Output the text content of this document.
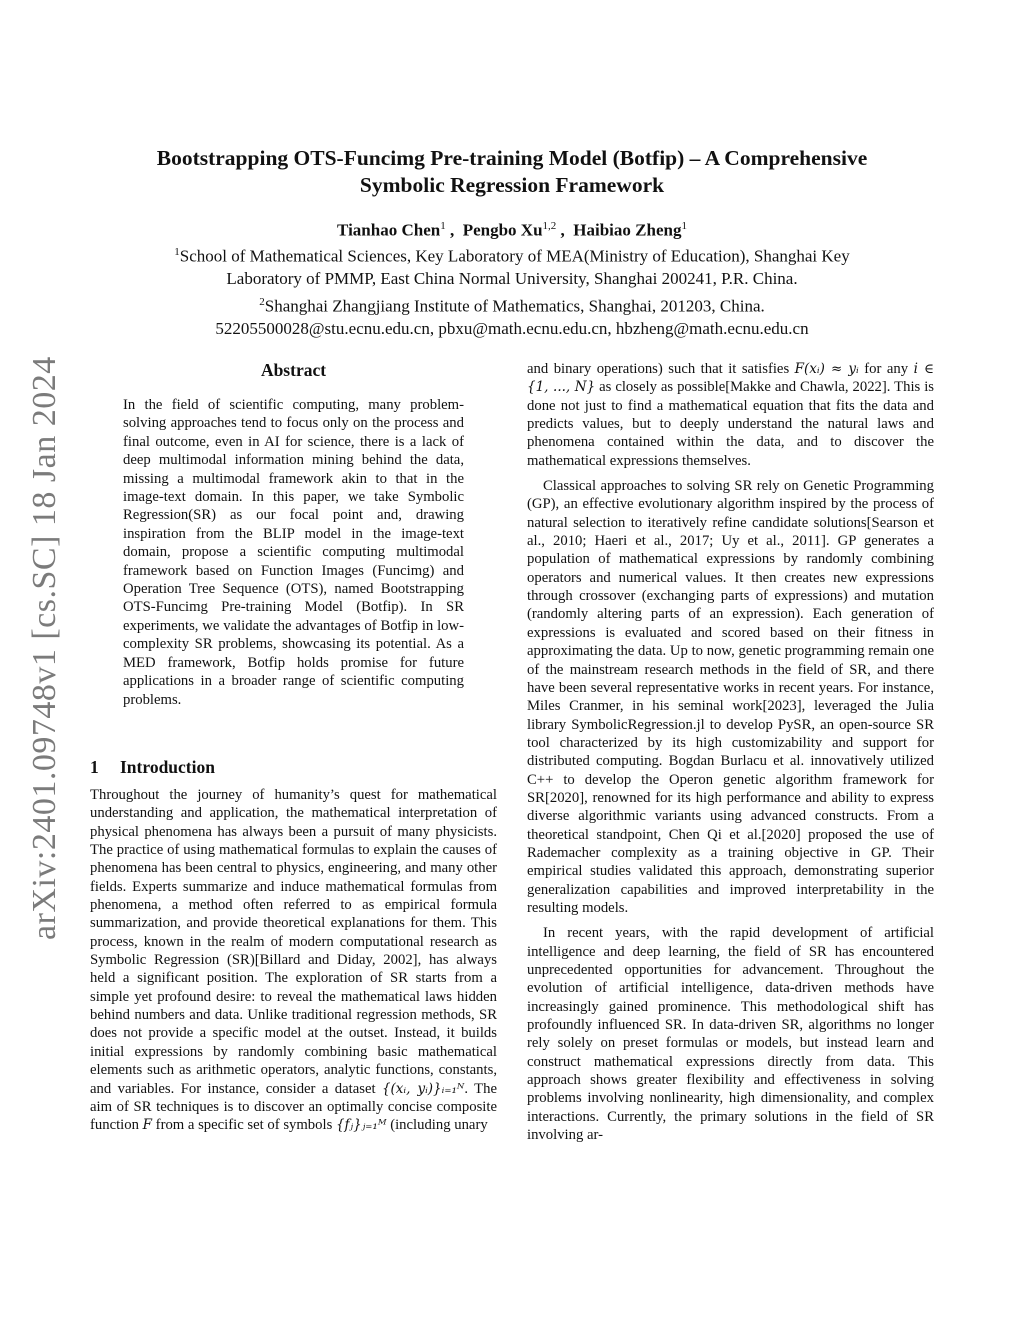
arXiv:2401.09748v1 [cs.SC] 18 Jan 2024
Bootstrapping OTS-Funcimg Pre-training Model (Botfip) – A Comprehensive
Symbolic Regression Framework
Tianhao Chen$^1$ ,  Pengbo Xu$^{1,2}$ ,  Haibiao Zheng$^1$
$^1$School of Mathematical Sciences, Key Laboratory of MEA(Ministry of Education), Shanghai Key
Laboratory of PMMP, East China Normal University, Shanghai 200241, P.R. China.
$^2$Shanghai Zhangjiang Institute of Mathematics, Shanghai, 201203, China.
52205500028@stu.ecnu.edu.cn, pbxu@math.ecnu.edu.cn, hbzheng@math.ecnu.edu.cn
Abstract
In the field of scientific computing, many problem-solving approaches tend to focus only on the process and final outcome, even in AI for science, there is a lack of deep multimodal information mining behind the data, missing a multimodal framework akin to that in the image-text domain. In this paper, we take Symbolic Regression(SR) as our focal point and, drawing inspiration from the BLIP model in the image-text domain, propose a scientific computing multimodal framework based on Function Images (Funcimg) and Operation Tree Sequence (OTS), named Bootstrapping OTS-Funcimg Pre-training Model (Botfip). In SR experiments, we validate the advantages of Botfip in low-complexity SR problems, showcasing its potential. As a MED framework, Botfip holds promise for future applications in a broader range of scientific computing problems.
1 Introduction

Throughout the journey of humanity’s quest for mathematical understanding and application, the mathematical interpretation of physical phenomena has always been a pursuit of many physicists. The practice of using mathematical formulas to explain the causes of phenomena has been central to physics, engineering, and many other fields. Experts summarize and induce mathematical formulas from phenomena, a method often referred to as empirical formula summarization, and provide theoretical explanations for them. This process, known in the realm of modern computational research as Symbolic Regression (SR)[Billard and Diday, 2002], has always held a significant position. The exploration of SR starts from a simple yet profound desire: to reveal the mathematical laws hidden behind numbers and data. Unlike traditional regression methods, SR does not provide a specific model at the outset. Instead, it builds initial expressions by randomly combining basic mathematical elements such as arithmetic operators, analytic functions, constants, and variables. For instance, consider a dataset {(xᵢ, yᵢ)}ᵢ₌₁ᴺ. The aim of SR techniques is to discover an optimally concise composite function F from a specific set of symbols {fⱼ}ⱼ₌₁ᴹ (including unary

and binary operations) such that it satisfies F(xᵢ) ≈ yᵢ for any i ∈ {1, ..., N} as closely as possible[Makke and Chawla, 2022]. This is done not just to find a mathematical equation that fits the data and predicts values, but to deeply understand the natural laws and phenomena contained within the data, and to discover the mathematical expressions themselves.

Classical approaches to solving SR rely on Genetic Programming (GP), an effective evolutionary algorithm inspired by the process of natural selection to iteratively refine candidate solutions[Searson et al., 2010; Haeri et al., 2017; Uy et al., 2011]. GP generates a population of mathematical expressions by randomly combining operators and numerical values. It then creates new expressions through crossover (exchanging parts of expressions) and mutation (randomly altering parts of an expression). Each generation of expressions is evaluated and scored based on their fitness in approximating the data. Up to now, genetic programming remain one of the mainstream research methods in the field of SR, and there have been several representative works in recent years. For instance, Miles Cranmer, in his seminal work[2023], leveraged the Julia library SymbolicRegression.jl to develop PySR, an open-source SR tool characterized by its high customizability and support for distributed computing. Bogdan Burlacu et al. innovatively utilized C++ to develop the Operon genetic algorithm framework for SR[2020], renowned for its high performance and ability to express diverse algorithmic variants using advanced constructs. From a theoretical standpoint, Chen Qi et al.[2020] proposed the use of Rademacher complexity as a training objective in GP. Their empirical studies validated this approach, demonstrating superior generalization capabilities and improved interpretability in the resulting models.

In recent years, with the rapid development of artificial intelligence and deep learning, the field of SR has encountered unprecedented opportunities for advancement. Throughout the evolution of artificial intelligence, data-driven methods have increasingly gained prominence. This methodological shift has profoundly influenced SR. In data-driven SR, algorithms no longer rely solely on preset formulas or models, but instead learn and construct mathematical expressions directly from data. This approach shows greater flexibility and effectiveness in solving problems involving nonlinearity, high dimensionality, and complex interactions. Currently, the primary solutions in the field of SR involving ar-
